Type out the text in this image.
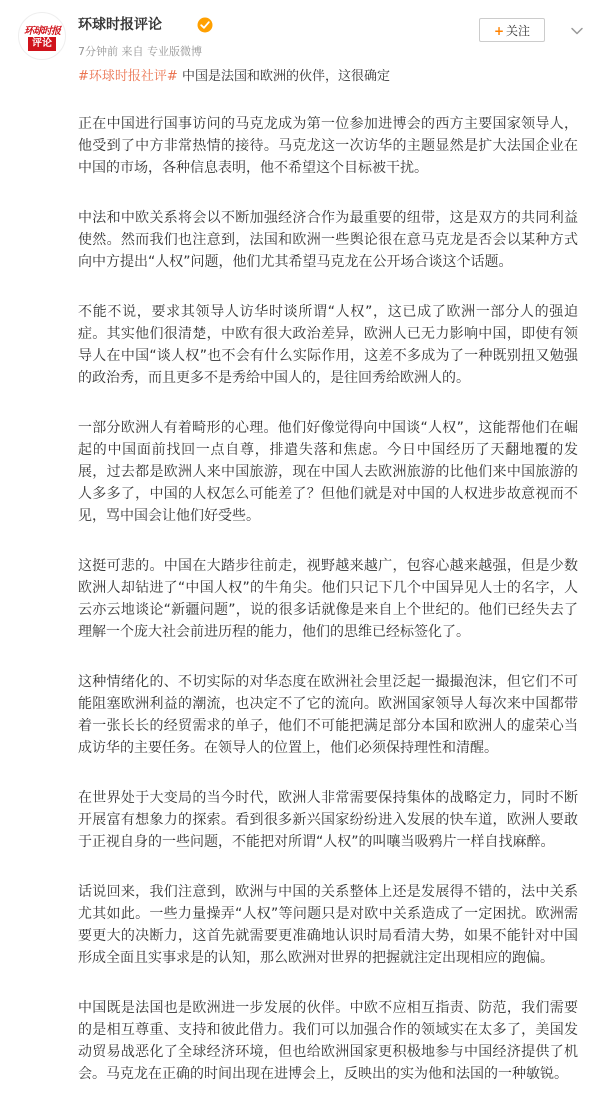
环球时报
评论
环球时报评论
7分钟前 来自 专业版微博
+ 关注
#环球时报社评# 中国是法国和欧洲的伙伴，这很确定

正在中国进行国事访问的马克龙成为第一位参加进博会的西方主要国家领导人，他受到了中方非常热情的接待。马克龙这一次访华的主题显然是扩大法国企业在中国的市场，各种信息表明，他不希望这个目标被干扰。

中法和中欧关系将会以不断加强经济合作为最重要的纽带，这是双方的共同利益使然。然而我们也注意到，法国和欧洲一些舆论很在意马克龙是否会以某种方式向中方提出“人权”问题，他们尤其希望马克龙在公开场合谈这个话题。

不能不说，要求其领导人访华时谈所谓“人权”，这已成了欧洲一部分人的强迫症。其实他们很清楚，中欧有很大政治差异，欧洲人已无力影响中国，即使有领导人在中国“谈人权”也不会有什么实际作用，这差不多成为了一种既别扭又勉强的政治秀，而且更多不是秀给中国人的，是往回秀给欧洲人的。

一部分欧洲人有着畸形的心理。他们好像觉得向中国谈“人权”，这能帮他们在崛起的中国面前找回一点自尊，排遣失落和焦虑。今日中国经历了天翻地覆的发展，过去都是欧洲人来中国旅游，现在中国人去欧洲旅游的比他们来中国旅游的人多多了，中国的人权怎么可能差了？但他们就是对中国的人权进步故意视而不见，骂中国会让他们好受些。

这挺可悲的。中国在大踏步往前走，视野越来越广，包容心越来越强，但是少数欧洲人却钻进了“中国人权”的牛角尖。他们只记下几个中国异见人士的名字，人云亦云地谈论“新疆问题”，说的很多话就像是来自上个世纪的。他们已经失去了理解一个庞大社会前进历程的能力，他们的思维已经标签化了。

这种情绪化的、不切实际的对华态度在欧洲社会里泛起一撮撮泡沫，但它们不可能阻塞欧洲利益的潮流，也决定不了它的流向。欧洲国家领导人每次来中国都带着一张长长的经贸需求的单子，他们不可能把满足部分本国和欧洲人的虚荣心当成访华的主要任务。在领导人的位置上，他们必须保持理性和清醒。

在世界处于大变局的当今时代，欧洲人非常需要保持集体的战略定力，同时不断开展富有想象力的探索。看到很多新兴国家纷纷进入发展的快车道，欧洲人要敢于正视自身的一些问题，不能把对所谓“人权”的叫嚷当吸鸦片一样自找麻醉。

话说回来，我们注意到，欧洲与中国的关系整体上还是发展得不错的，法中关系尤其如此。一些力量操弄“人权”等问题只是对欧中关系造成了一定困扰。欧洲需要更大的决断力，这首先就需要更准确地认识时局看清大势，如果不能针对中国形成全面且实事求是的认知，那么欧洲对世界的把握就注定出现相应的跑偏。

中国既是法国也是欧洲进一步发展的伙伴。中欧不应相互指责、防范，我们需要的是相互尊重、支持和彼此借力。我们可以加强合作的领域实在太多了，美国发动贸易战恶化了全球经济环境，但也给欧洲国家更积极地参与中国经济提供了机会。马克龙在正确的时间出现在进博会上，反映出的实为他和法国的一种敏锐。
